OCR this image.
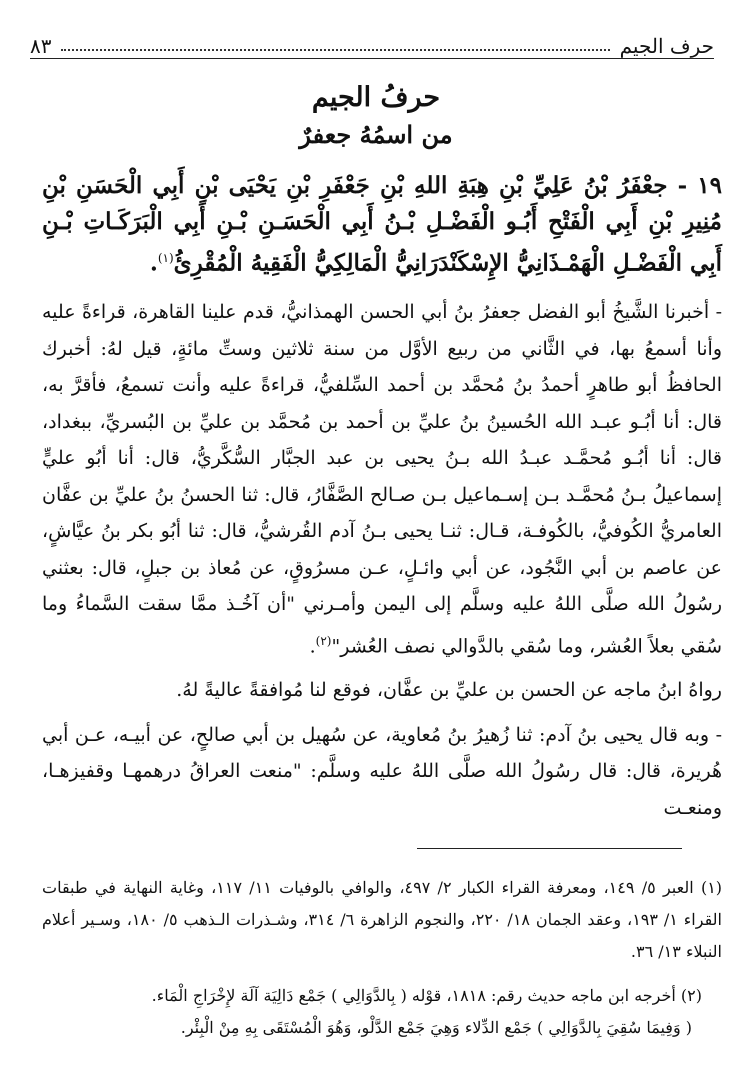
حرف الجيم
٨٣
حرفُ الجيم
من اسمُهُ جعفرٌ
١٩ - جعْفَرُ بْنُ عَلِيِّ بْنِ هِبَةِ اللهِ بْنِ جَعْفَرِ بْنِ يَحْيَى بْنِ أَبِي الْحَسَنِ بْنِ مُنِيرِ بْنِ أَبِي الْفَتْحِ أَبُـو الْفَضْـلِ بْـنُ أَبِي الْحَسَـنِ بْـنِ أَبِي الْبَرَكَـاتِ بْـنِ أَبِي الْفَضْـلِ الْهَمْـذَانِيُّ الإِسْكَنْدَرَانِيُّ الْمَالِكِيُّ الْفَقِيهُ الْمُقْرِئُ$^{(١)}$.

- أخبرنا الشَّيخُ أبو الفضل جعفرُ بنُ أبي الحسن الهمذانيُّ، قدم علينا القاهرة، قراءةً عليه وأنا أسمعُ بها، في الثَّاني من ربيع الأوَّل من سنة ثلاثين وستِّ مائةٍ، قيل لهُ: أخبرك الحافظُ أبو طاهرٍ أحمدُ بنُ مُحمَّد بن أحمد السِّلفيُّ، قراءةً عليه وأنت تسمعُ، فأقرَّ به، قال: أنا أبُـو عبـد الله الحُسينُ بنُ عليِّ بن أحمد بن مُحمَّد بن عليِّ بن البُسريِّ، ببغداد، قال: أنا أبُـو مُحمَّـد عبـدُ الله بـنُ يحيى بن عبد الجبَّار السُّكَّريُّ، قال: أنا أبُو عليٍّ إسماعيلُ بـنُ مُحمَّـد بـن إسـماعيل بـن صـالح الصَّفَّارُ، قال: ثنا الحسنُ بنُ عليِّ بن عفَّان العامريُّ الكُوفيُّ، بالكُوفـة، قـال: ثنـا يحيى بـنُ آدم القُرشيُّ، قال: ثنا أبُو بكر بنُ عيَّاشٍ، عن عاصم بن أبي النَّجُود، عن أبي وائـلٍ، عـن مسرُوقٍ، عن مُعاذ بن جبلٍ، قال: بعثني رسُولُ الله صلَّى اللهُ عليه وسلَّم إلى اليمن وأمـرني "أن آخُـذ ممَّا سقت السَّماءُ وما سُقي بعلاً العُشر، وما سُقي بالدَّوالي نصف العُشر"$^{(٢)}$.

رواهُ ابنُ ماجه عن الحسن بن عليِّ بن عفَّان، فوقع لنا مُوافقةً عاليةً لهُ.

- وبه قال يحيى بنُ آدم: ثنا زُهيرُ بنُ مُعاوية، عن سُهيل بن أبي صالحٍ، عن أبيـه، عـن أبي هُريرة، قال: قال رسُولُ الله صلَّى اللهُ عليه وسلَّم: "منعت العراقُ درهمهـا وقفيزهـا، ومنعـت

(١) العبر ٥/ ١٤٩، ومعرفة القراء الكبار ٢/ ٤٩٧، والوافي بالوفيات ١١/ ١١٧، وغاية النهاية في طبقات القراء ١/ ١٩٣، وعقد الجمان ١٨/ ٢٢٠، والنجوم الزاهرة ٦/ ٣١٤، وشـذرات الـذهب ٥/ ١٨٠، وسـير أعلام النبلاء ١٣/ ٣٦.

(٢) أخرجه ابن ماجه حديث رقم: ١٨١٨، قوْله ( بِالدَّوَالِي ) جَمْع دَالِيَة آلَة لإِخْرَاجِ الْمَاء.

( وَفِيمَا سُقِيَ بِالدَّوَالِي ) جَمْع الدِّلاء وَهِيَ جَمْع الدَّلْو، وَهُوَ الْمُسْتَقَى بِهِ مِنْ الْبِئْر.
